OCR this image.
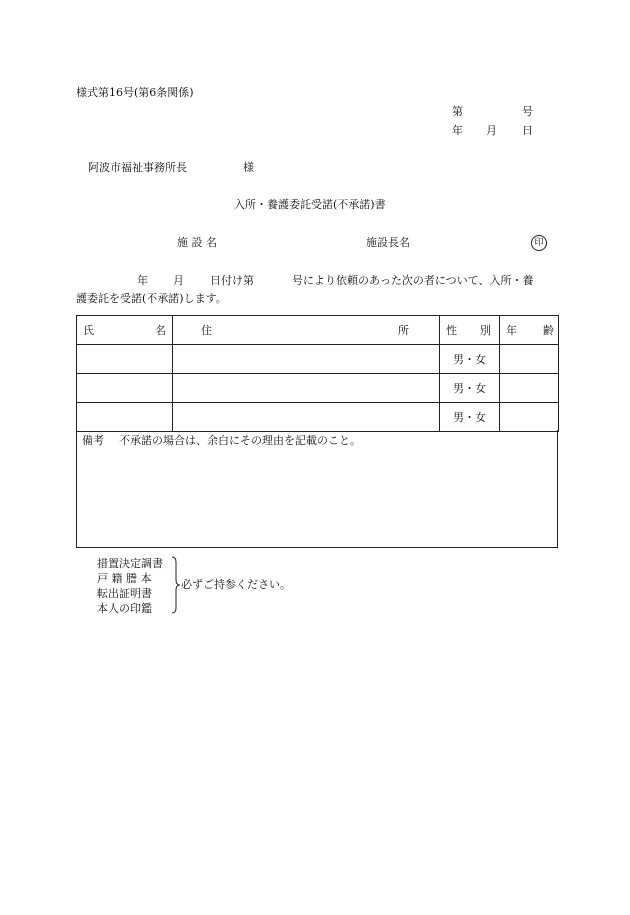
様式第16号(第6条関係)
第	号
年 月 日
阿波市福祉事務所長	様
入所・養護委託受諾(不承諾)書
施 設 名	施設長名	印
年 月 日付け第	号により依頼のあった次の者について、入所・養
護委託を受諾(不承諾)します。
氏 名	住 所	性 別	年 齢

		男・女	
		男・女	
		男・女	
備考 不承諾の場合は、余白にその理由を記載のこと。
措置決定調書
戸 籍 謄 本
転出証明書
本人の印鑑
必ずご持参ください。
